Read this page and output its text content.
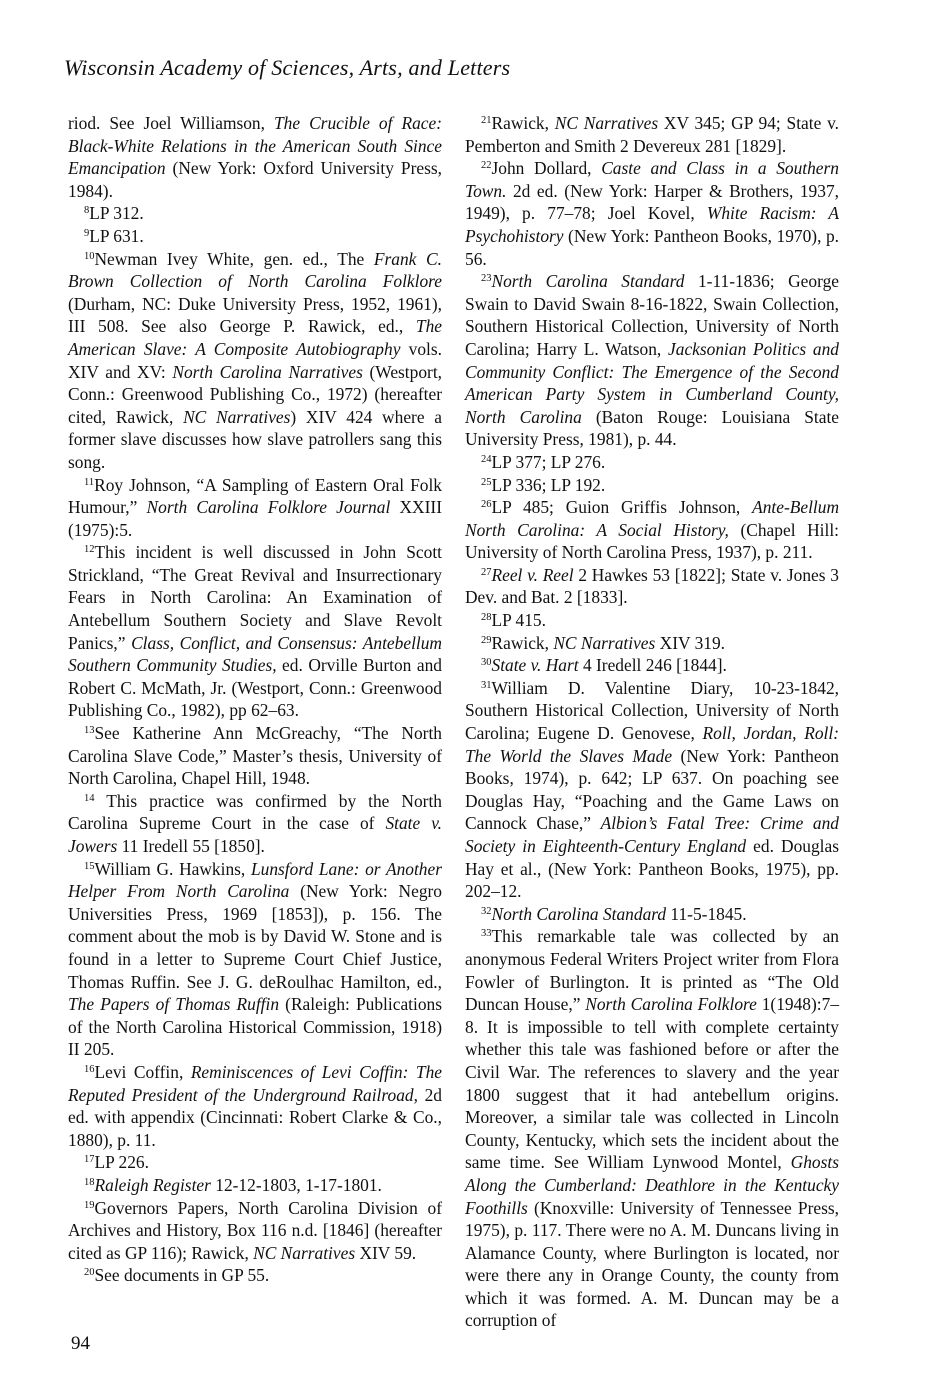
Wisconsin Academy of Sciences, Arts, and Letters

riod. See Joel Williamson, The Crucible of Race: Black-White Relations in the American South Since Emancipation (New York: Oxford University Press, 1984).

$^8$LP 312.

$^9$LP 631.

$^{10}$Newman Ivey White, gen. ed., The Frank C. Brown Collection of North Carolina Folklore (Durham, NC: Duke University Press, 1952, 1961), III 508. See also George P. Rawick, ed., The American Slave: A Composite Autobiography vols. XIV and XV: North Carolina Narratives (Westport, Conn.: Greenwood Publishing Co., 1972) (hereafter cited, Rawick, NC Narratives) XIV 424 where a former slave discusses how slave patrollers sang this song.

$^{11}$Roy Johnson, “A Sampling of Eastern Oral Folk Humour,” North Carolina Folklore Journal XXIII (1975):5.

$^{12}$This incident is well discussed in John Scott Strickland, “The Great Revival and Insurrectionary Fears in North Carolina: An Examination of Antebellum Southern Society and Slave Revolt Panics,” Class, Conflict, and Consensus: Antebellum Southern Community Studies, ed. Orville Burton and Robert C. McMath, Jr. (Westport, Conn.: Greenwood Publishing Co., 1982), pp 62–63.

$^{13}$See Katherine Ann McGreachy, “The North Carolina Slave Code,” Master’s thesis, University of North Carolina, Chapel Hill, 1948.

$^{14}$ This practice was confirmed by the North Carolina Supreme Court in the case of State v. Jowers 11 Iredell 55 [1850].

$^{15}$William G. Hawkins, Lunsford Lane: or Another Helper From North Carolina (New York: Negro Universities Press, 1969 [1853]), p. 156. The comment about the mob is by David W. Stone and is found in a letter to Supreme Court Chief Justice, Thomas Ruffin. See J. G. deRoulhac Hamilton, ed., The Papers of Thomas Ruffin (Raleigh: Publications of the North Carolina Historical Commission, 1918) II 205.

$^{16}$Levi Coffin, Reminiscences of Levi Coffin: The Reputed President of the Underground Railroad, 2d ed. with appendix (Cincinnati: Robert Clarke & Co., 1880), p. 11.

$^{17}$LP 226.

$^{18}$Raleigh Register 12-12-1803, 1-17-1801.

$^{19}$Governors Papers, North Carolina Division of Archives and History, Box 116 n.d. [1846] (hereafter cited as GP 116); Rawick, NC Narratives XIV 59.

$^{20}$See documents in GP 55.

$^{21}$Rawick, NC Narratives XV 345; GP 94; State v. Pemberton and Smith 2 Devereux 281 [1829].

$^{22}$John Dollard, Caste and Class in a Southern Town. 2d ed. (New York: Harper & Brothers, 1937, 1949), p. 77–78; Joel Kovel, White Racism: A Psychohistory (New York: Pantheon Books, 1970), p. 56.

$^{23}$North Carolina Standard 1-11-1836; George Swain to David Swain 8-16-1822, Swain Collection, Southern Historical Collection, University of North Carolina; Harry L. Watson, Jacksonian Politics and Community Conflict: The Emergence of the Second American Party System in Cumberland County, North Carolina (Baton Rouge: Louisiana State University Press, 1981), p. 44.

$^{24}$LP 377; LP 276.

$^{25}$LP 336; LP 192.

$^{26}$LP 485; Guion Griffis Johnson, Ante-Bellum North Carolina: A Social History, (Chapel Hill: University of North Carolina Press, 1937), p. 211.

$^{27}$Reel v. Reel 2 Hawkes 53 [1822]; State v. Jones 3 Dev. and Bat. 2 [1833].

$^{28}$LP 415.

$^{29}$Rawick, NC Narratives XIV 319.

$^{30}$State v. Hart 4 Iredell 246 [1844].

$^{31}$William D. Valentine Diary, 10-23-1842, Southern Historical Collection, University of North Carolina; Eugene D. Genovese, Roll, Jordan, Roll: The World the Slaves Made (New York: Pantheon Books, 1974), p. 642; LP 637. On poaching see Douglas Hay, “Poaching and the Game Laws on Cannock Chase,” Albion’s Fatal Tree: Crime and Society in Eighteenth-Century England ed. Douglas Hay et al., (New York: Pantheon Books, 1975), pp. 202–12.

$^{32}$North Carolina Standard 11-5-1845.

$^{33}$This remarkable tale was collected by an anonymous Federal Writers Project writer from Flora Fowler of Burlington. It is printed as “The Old Duncan House,” North Carolina Folklore 1(1948):7–8. It is impossible to tell with complete certainty whether this tale was fashioned before or after the Civil War. The references to slavery and the year 1800 suggest that it had antebellum origins. Moreover, a similar tale was collected in Lincoln County, Kentucky, which sets the incident about the same time. See William Lynwood Montel, Ghosts Along the Cumberland: Deathlore in the Kentucky Foothills (Knoxville: University of Tennessee Press, 1975), p. 117. There were no A. M. Duncans living in Alamance County, where Burlington is located, nor were there any in Orange County, the county from which it was formed. A. M. Duncan may be a corruption of

94
